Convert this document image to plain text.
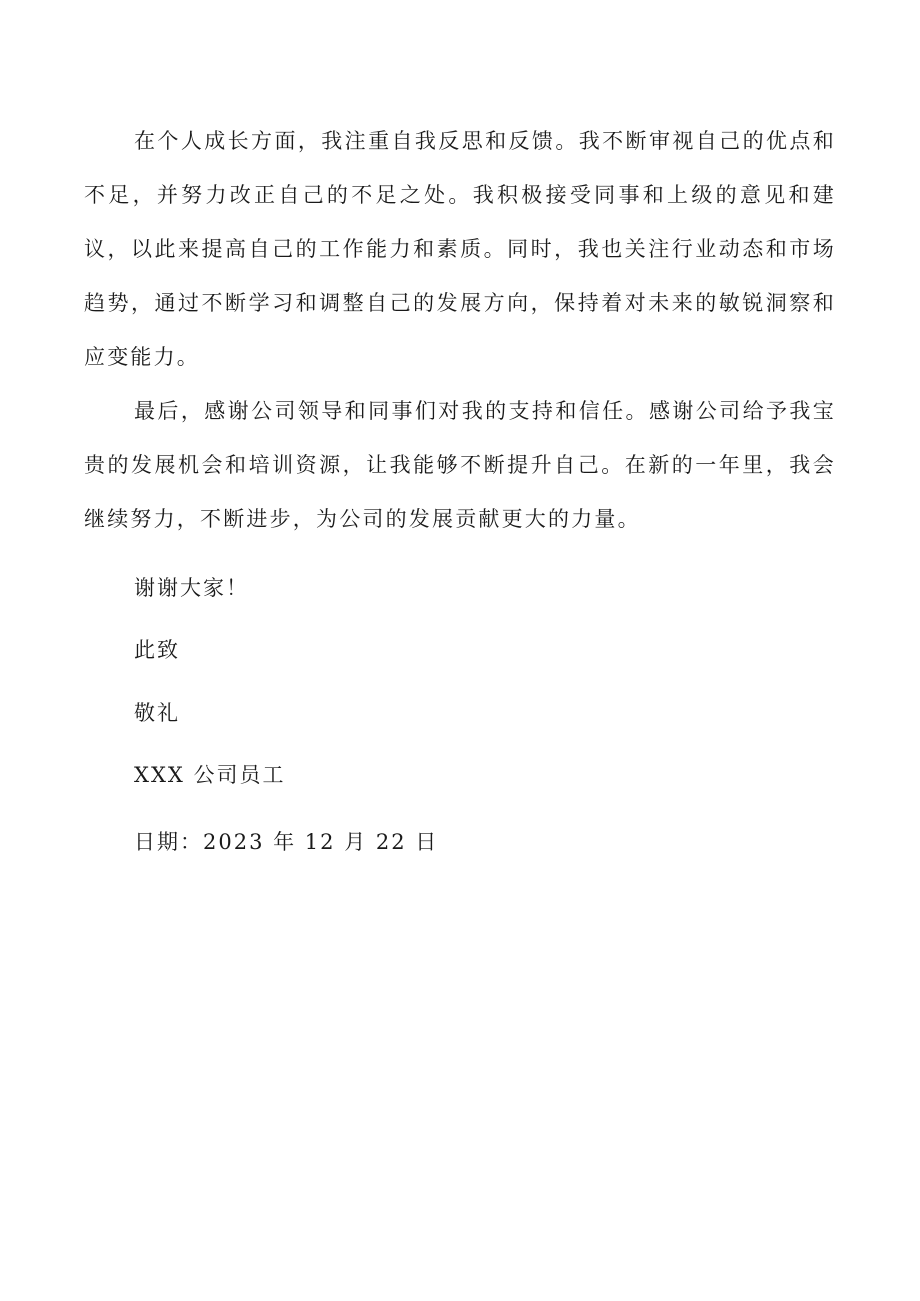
在个人成长方面，我注重自我反思和反馈。我不断审视自己的优点和不足，并努力改正自己的不足之处。我积极接受同事和上级的意见和建议，以此来提高自己的工作能力和素质。同时，我也关注行业动态和市场趋势，通过不断学习和调整自己的发展方向，保持着对未来的敏锐洞察和应变能力。

最后，感谢公司领导和同事们对我的支持和信任。感谢公司给予我宝贵的发展机会和培训资源，让我能够不断提升自己。在新的一年里，我会继续努力，不断进步，为公司的发展贡献更大的力量。

谢谢大家！

此致

敬礼

XXX 公司员工

日期：2023 年 12 月 22 日
